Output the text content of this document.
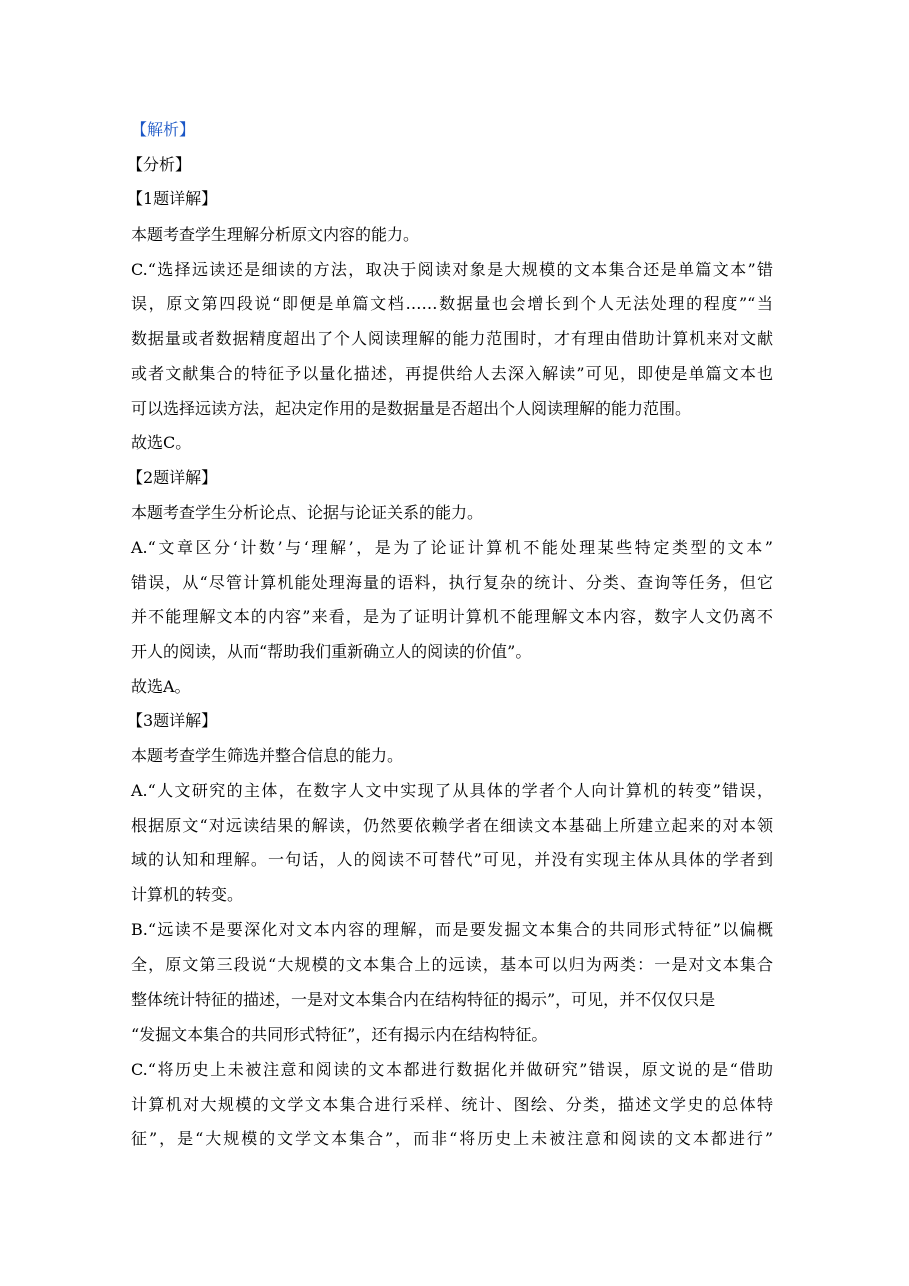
【解析】
【分析】
【1题详解】
本题考查学生理解分析原文内容的能力。
C.“选择远读还是细读的方法，取决于阅读对象是大规模的文本集合还是单篇文本”错
误，原文第四段说“即便是单篇文档……数据量也会增长到个人无法处理的程度”“当
数据量或者数据精度超出了个人阅读理解的能力范围时，才有理由借助计算机来对文献
或者文献集合的特征予以量化描述，再提供给人去深入解读”可见，即使是单篇文本也
可以选择远读方法，起决定作用的是数据量是否超出个人阅读理解的能力范围。
故选C。
【2题详解】
本题考查学生分析论点、论据与论证关系的能力。
A.“文章区分‘计数’与‘理解’，是为了论证计算机不能处理某些特定类型的文本”
错误，从“尽管计算机能处理海量的语料，执行复杂的统计、分类、查询等任务，但它
并不能理解文本的内容”来看，是为了证明计算机不能理解文本内容，数字人文仍离不
开人的阅读，从而“帮助我们重新确立人的阅读的价值”。
故选A。
【3题详解】
本题考查学生筛选并整合信息的能力。
A.“人文研究的主体，在数字人文中实现了从具体的学者个人向计算机的转变”错误，
根据原文“对远读结果的解读，仍然要依赖学者在细读文本基础上所建立起来的对本领
域的认知和理解。一句话，人的阅读不可替代”可见，并没有实现主体从具体的学者到
计算机的转变。
B.“远读不是要深化对文本内容的理解，而是要发掘文本集合的共同形式特征”以偏概
全，原文第三段说“大规模的文本集合上的远读，基本可以归为两类：一是对文本集合
整体统计特征的描述，一是对文本集合内在结构特征的揭示”，可见，并不仅仅只是
“发掘文本集合的共同形式特征”，还有揭示内在结构特征。
C.“将历史上未被注意和阅读的文本都进行数据化并做研究”错误，原文说的是“借助
计算机对大规模的文学文本集合进行采样、统计、图绘、分类，描述文学史的总体特
征”，是“大规模的文学文本集合”，而非“将历史上未被注意和阅读的文本都进行”
